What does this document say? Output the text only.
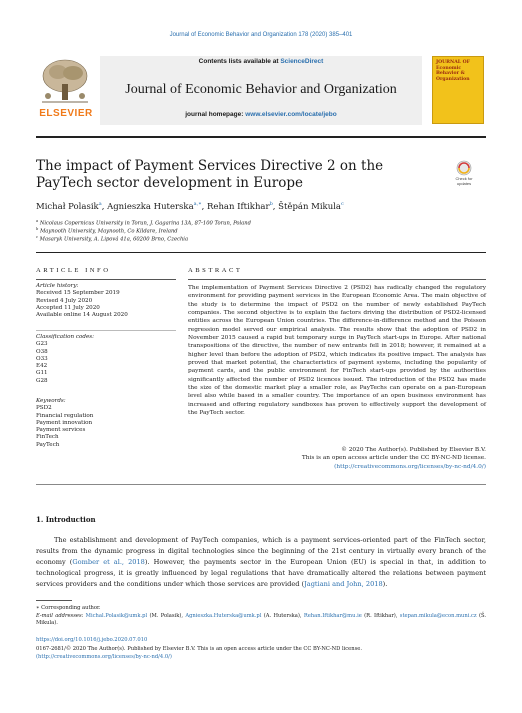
Journal of Economic Behavior and Organization 178 (2020) 385–401
ELSEVIER
Contents lists available at ScienceDirect
Journal of Economic Behavior and Organization
journal homepage: www.elsevier.com/locate/jebo
JOURNAL OF
Economic
Behavior &
Organization
The impact of Payment Services Directive 2 on the PayTech sector development in Europe	Check for
updates
Michał Polasik$^a$, Agnieszka Huterska$^{a,∗}$, Rehan Iftikhar$^b$, Štěpán Mikula$^c$
$^a$ Nicolaus Copernicus University in Torun, J. Gagarina 13A, 87-100 Torun, Poland
$^b$ Maynooth University, Maynooth, Co Kildare, Ireland
$^c$ Masaryk University, A. Lipová 41a, 60200 Brno, Czechia
ARTICLE INFO
Article history:
Received 15 September 2019
Revised 4 July 2020
Accepted 11 July 2020
Available online 14 August 2020
Classification codes:
G23
O38
O33
E42
G11
G28
Keywords:
PSD2
Financial regulation
Payment innovation
Payment services
FinTech
PayTech
ABSTRACT
The implementation of Payment Services Directive 2 (PSD2) has radically changed the regulatory environment for providing payment services in the European Economic Area. The main objective of the study is to determine the impact of PSD2 on the number of newly established PayTech companies. The second objective is to explain the factors driving the distribution of PSD2-licensed entities across the European Union countries. The difference-in-difference method and the Poisson regression model served our empirical analysis. The results show that the adoption of PSD2 in November 2015 caused a rapid but temporary surge in PayTech start-ups in Europe. After national transpositions of the directive, the number of new entrants fell in 2018; however, it remained at a higher level than before the adoption of PSD2, which indicates its positive impact. The analysis has proved that market potential, the characteristics of payment systems, including the popularity of payment cards, and the public environment for FinTech start-ups provided by the authorities significantly affected the number of PSD2 licences issued. The introduction of the PSD2 has made the size of the domestic market play a smaller role, as PayTechs can operate on a pan-European level also while based in a smaller country. The importance of an open business environment has increased and offering regulatory sandboxes has proven to effectively support the development of the PayTech sector.
© 2020 The Author(s). Published by Elsevier B.V.
This is an open access article under the CC BY-NC-ND license.
(http://creativecommons.org/licenses/by-nc-nd/4.0/)
1. Introduction
The establishment and development of PayTech companies, which is a payment services-oriented part of the FinTech sector, results from the dynamic progress in digital technologies since the beginning of the 21st century in virtually every branch of the economy (Gomber et al., 2018). However, the payments sector in the European Union (EU) is special in that, in addition to technological progress, it is greatly influenced by legal regulations that have dramatically altered the relations between payment services providers and the conditions under which those services are provided (Jagtiani and John, 2018).
∗ Corresponding author.
E-mail addresses: Michal.Polasik@umk.pl (M. Polasik), Agnieszka.Huterska@umk.pl (A. Huterska), Rehan.Iftikhar@mu.ie (R. Iftikhar), stepan.mikula@econ.muni.cz (Š. Mikula).
https://doi.org/10.1016/j.jebo.2020.07.010
0167-2681/© 2020 The Author(s). Published by Elsevier B.V. This is an open access article under the CC BY-NC-ND license.
(http://creativecommons.org/licenses/by-nc-nd/4.0/)
